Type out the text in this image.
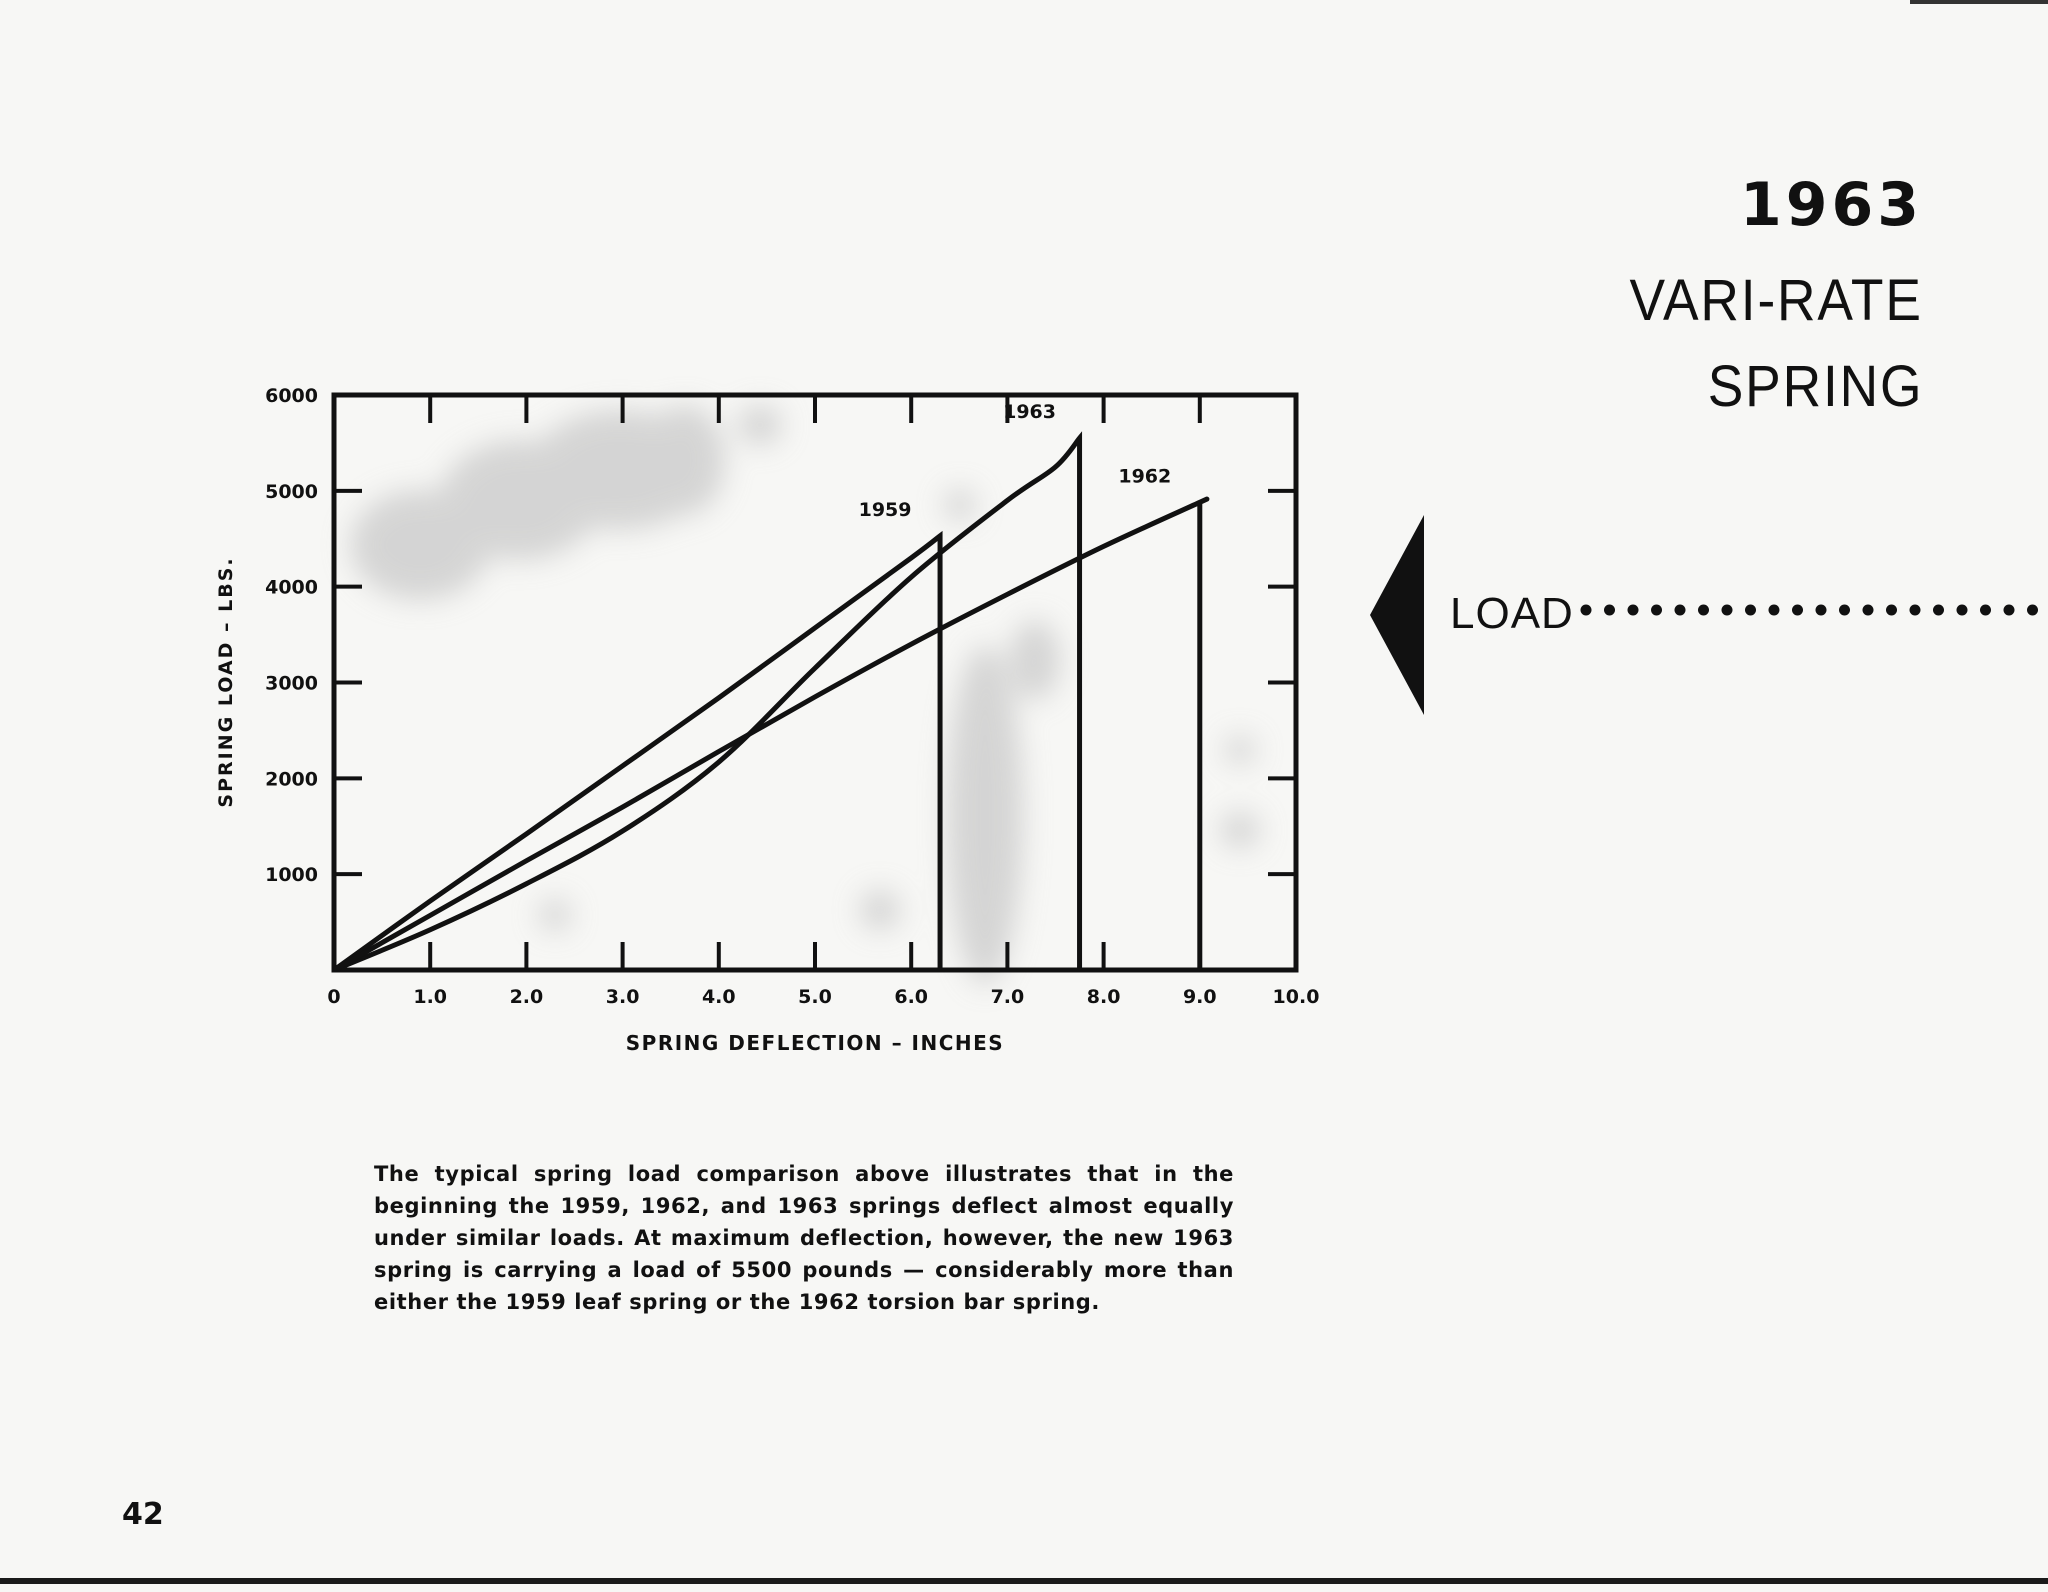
1963
VARI-RATE
SPRING
LOAD
0	1.0	2.0	3.0	4.0	5.0	6.0	7.0	8.0	9.0	10.0
1000
2000
3000
4000
5000
6000
1959
1963
1962
SPRING DEFLECTION – INCHES
SPRING LOAD – LBS.

The typical spring load comparison above illustrates that in the beginning the 1959, 1962, and 1963 springs deflect almost equally under similar loads. At maximum deflection, however, the new 1963 spring is carrying a load of 5500 pounds — considerably more than either the 1959 leaf spring or the 1962 torsion bar spring.

42
